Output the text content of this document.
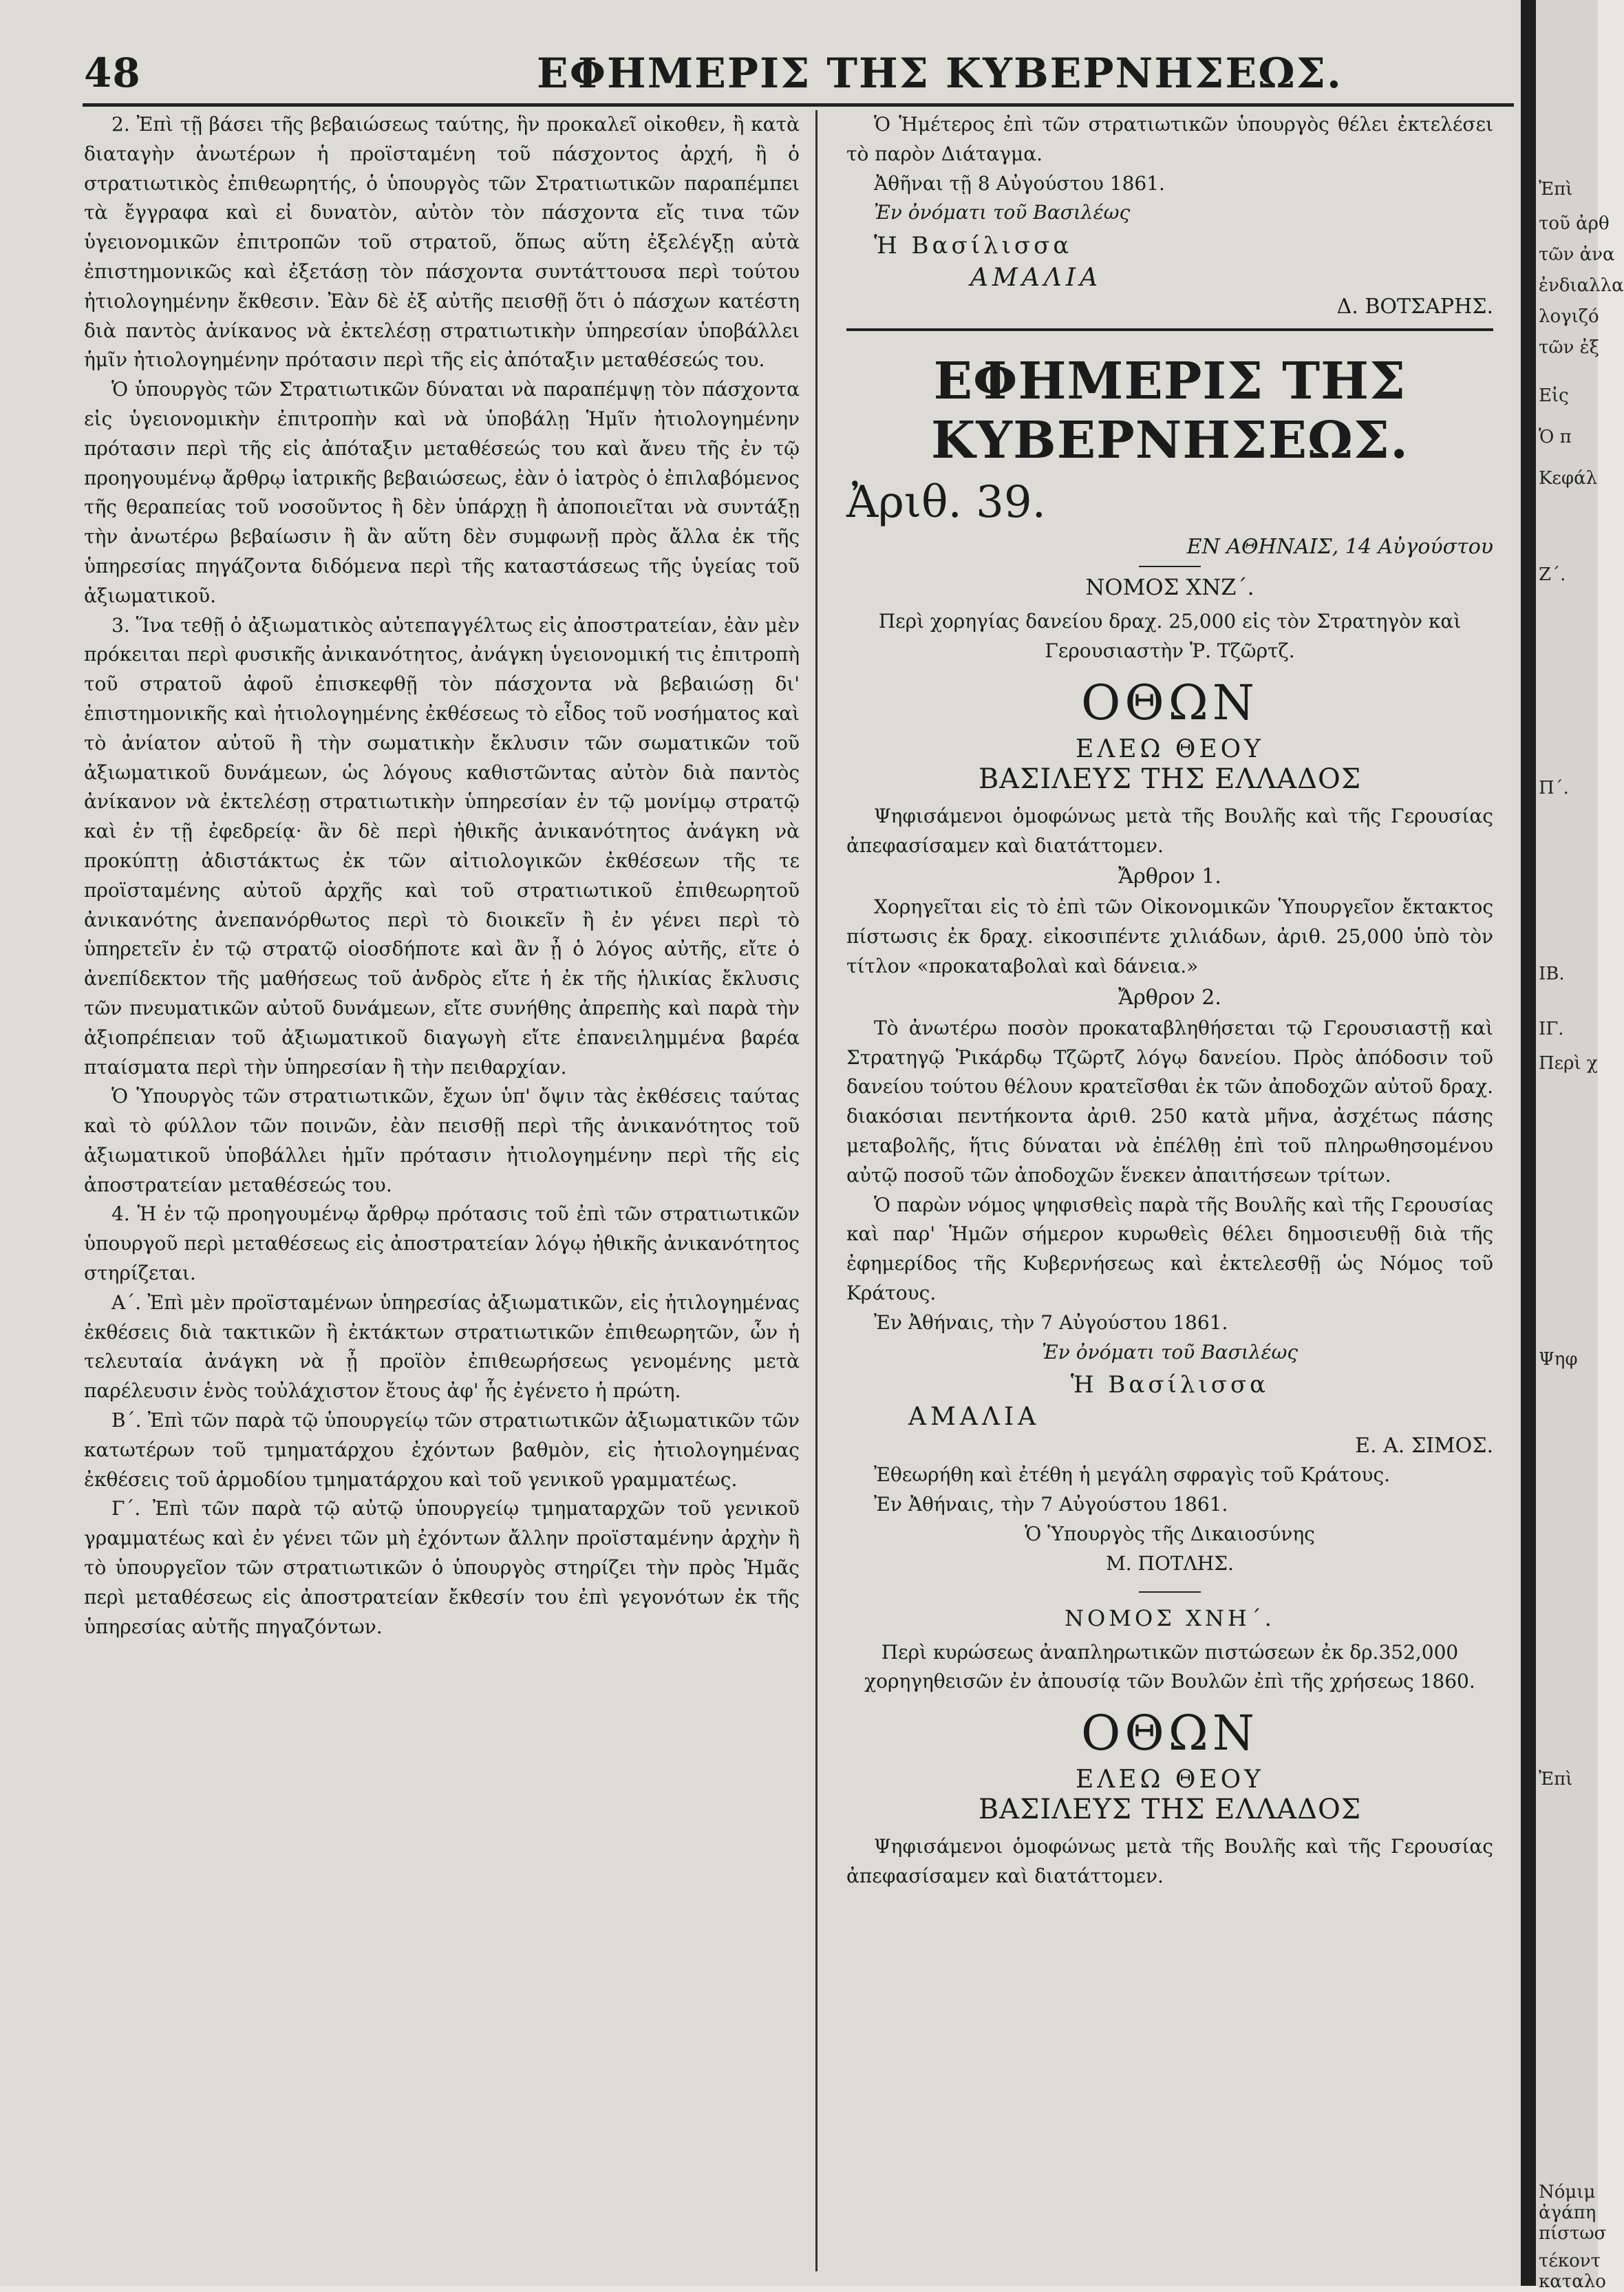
48	ΕΦΗΜΕΡΙΣ ΤΗΣ ΚΥΒΕΡΝΗΣΕΩΣ.

2. Ἐπὶ τῇ βάσει τῆς βεβαιώσεως ταύτης, ἣν προκαλεῖ οἰκοθεν, ἢ κατὰ διαταγὴν ἀνωτέρων ἡ προϊσταμένη τοῦ πάσχοντος ἀρχή, ἢ ὁ στρατιωτικὸς ἐπιθεωρητής, ὁ ὑπουργὸς τῶν Στρατιωτικῶν παραπέμπει τὰ ἔγγραφα καὶ εἰ δυνατὸν, αὐτὸν τὸν πάσχοντα εἴς τινα τῶν ὑγειονομικῶν ἐπιτροπῶν τοῦ στρατοῦ, ὅπως αὕτη ἐξελέγξῃ αὐτὰ ἐπιστημονικῶς καὶ ἐξετάσῃ τὸν πάσχοντα συντάττουσα περὶ τούτου ἠτιολογημένην ἔκθεσιν. Ἐὰν δὲ ἐξ αὐτῆς πεισθῇ ὅτι ὁ πάσχων κατέστη διὰ παντὸς ἀνίκανος νὰ ἐκτελέσῃ στρατιωτικὴν ὑπηρεσίαν ὑποβάλλει ἡμῖν ἠτιολογημένην πρότασιν περὶ τῆς εἰς ἀπόταξιν μεταθέσεώς του.

Ὁ ὑπουργὸς τῶν Στρατιωτικῶν δύναται νὰ παραπέμψῃ τὸν πάσχοντα εἰς ὑγειονομικὴν ἐπιτροπὴν καὶ νὰ ὑποβάλῃ Ἡμῖν ἠτιολογημένην πρότασιν περὶ τῆς εἰς ἀπόταξιν μεταθέσεώς του καὶ ἄνευ τῆς ἐν τῷ προηγουμένῳ ἄρθρῳ ἰατρικῆς βεβαιώσεως, ἐὰν ὁ ἰατρὸς ὁ ἐπιλαβόμενος τῆς θεραπείας τοῦ νοσοῦντος ἢ δὲν ὑπάρχῃ ἢ ἀποποιεῖται νὰ συντάξῃ τὴν ἀνωτέρω βεβαίωσιν ἢ ἂν αὕτη δὲν συμφωνῇ πρὸς ἄλλα ἐκ τῆς ὑπηρεσίας πηγάζοντα διδόμενα περὶ τῆς καταστάσεως τῆς ὑγείας τοῦ ἀξιωματικοῦ.

3. Ἵνα τεθῇ ὁ ἀξιωματικὸς αὐτεπαγγέλτως εἰς ἀποστρατείαν, ἐὰν μὲν πρόκειται περὶ φυσικῆς ἀνικανότητος, ἀνάγκη ὑγειονομική τις ἐπιτροπὴ τοῦ στρατοῦ ἀφοῦ ἐπισκεφθῇ τὸν πάσχοντα νὰ βεβαιώσῃ δι' ἐπιστημονικῆς καὶ ἠτιολογημένης ἐκθέσεως τὸ εἶδος τοῦ νοσήματος καὶ τὸ ἀνίατον αὐτοῦ ἢ τὴν σωματικὴν ἔκλυσιν τῶν σωματικῶν τοῦ ἀξιωματικοῦ δυνάμεων, ὡς λόγους καθιστῶντας αὐτὸν διὰ παντὸς ἀνίκανον νὰ ἐκτελέσῃ στρατιωτικὴν ὑπηρεσίαν ἐν τῷ μονίμῳ στρατῷ καὶ ἐν τῇ ἐφεδρείᾳ· ἂν δὲ περὶ ἠθικῆς ἀνικανότητος ἀνάγκη νὰ προκύπτῃ ἀδιστάκτως ἐκ τῶν αἰτιολογικῶν ἐκθέσεων τῆς τε προϊσταμένης αὐτοῦ ἀρχῆς καὶ τοῦ στρατιωτικοῦ ἐπιθεωρητοῦ ἀνικανότης ἀνεπανόρθωτος περὶ τὸ διοικεῖν ἢ ἐν γένει περὶ τὸ ὑπηρετεῖν ἐν τῷ στρατῷ οἱοσδήποτε καὶ ἂν ᾖ ὁ λόγος αὐτῆς, εἴτε ὁ ἀνεπίδεκτον τῆς μαθήσεως τοῦ ἀνδρὸς εἴτε ἡ ἐκ τῆς ἡλικίας ἔκλυσις τῶν πνευματικῶν αὐτοῦ δυνάμεων, εἴτε συνήθης ἀπρεπὴς καὶ παρὰ τὴν ἀξιοπρέπειαν τοῦ ἀξιωματικοῦ διαγωγὴ εἴτε ἐπανειλημμένα βαρέα πταίσματα περὶ τὴν ὑπηρεσίαν ἢ τὴν πειθαρχίαν.

Ὁ Ὑπουργὸς τῶν στρατιωτικῶν, ἔχων ὑπ' ὄψιν τὰς ἐκθέσεις ταύτας καὶ τὸ φύλλον τῶν ποινῶν, ἐὰν πεισθῇ περὶ τῆς ἀνικανότητος τοῦ ἀξιωματικοῦ ὑποβάλλει ἡμῖν πρότασιν ἠτιολογημένην περὶ τῆς εἰς ἀποστρατείαν μεταθέσεώς του.

4. Ἡ ἐν τῷ προηγουμένῳ ἄρθρῳ πρότασις τοῦ ἐπὶ τῶν στρατιωτικῶν ὑπουργοῦ περὶ μεταθέσεως εἰς ἀποστρατείαν λόγῳ ἠθικῆς ἀνικανότητος στηρίζεται.

Α΄. Ἐπὶ μὲν προϊσταμένων ὑπηρεσίας ἀξιωματικῶν, εἰς ἠτιλογημένας ἐκθέσεις διὰ τακτικῶν ἢ ἐκτάκτων στρατιωτικῶν ἐπιθεωρητῶν, ὧν ἡ τελευταία ἀνάγκη νὰ ᾖ προϊὸν ἐπιθεωρήσεως γενομένης μετὰ παρέλευσιν ἑνὸς τοὐλάχιστον ἔτους ἀφ' ἧς ἐγένετο ἡ πρώτη.

Β΄. Ἐπὶ τῶν παρὰ τῷ ὑπουργείῳ τῶν στρατιωτικῶν ἀξιωματικῶν τῶν κατωτέρων τοῦ τμηματάρχου ἐχόντων βαθμὸν, εἰς ἠτιολογημένας ἐκθέσεις τοῦ ἁρμοδίου τμηματάρχου καὶ τοῦ γενικοῦ γραμματέως.

Γ΄. Ἐπὶ τῶν παρὰ τῷ αὐτῷ ὑπουργείῳ τμηματαρχῶν τοῦ γενικοῦ γραμματέως καὶ ἐν γένει τῶν μὴ ἐχόντων ἄλλην προϊσταμένην ἀρχὴν ἢ τὸ ὑπουργεῖον τῶν στρατιωτικῶν ὁ ὑπουργὸς στηρίζει τὴν πρὸς Ἡμᾶς περὶ μεταθέσεως εἰς ἀποστρατείαν ἔκθεσίν του ἐπὶ γεγονότων ἐκ τῆς ὑπηρεσίας αὐτῆς πηγαζόντων.

Ὁ Ἡμέτερος ἐπὶ τῶν στρατιωτικῶν ὑπουργὸς θέλει ἐκτελέσει τὸ παρὸν Διάταγμα.

Ἀθῆναι τῇ 8 Αὐγούστου 1861.

Ἐν ὀνόματι τοῦ Βασιλέως

Ἡ Βασίλισσα
ΑΜΑΛΙΑ
Δ. ΒΟΤΣΑΡΗΣ.
ΕΦΗΜΕΡΙΣ ΤΗΣ ΚΥΒΕΡΝΗΣΕΩΣ.
Ἀριθ. 39.
ΕΝ ΑΘΗΝΑΙΣ, 14 Αὐγούστου
ΝΟΜΟΣ ΧΝΖ΄.

Περὶ χορηγίας δανείου δραχ. 25,000 εἰς τὸν Στρατηγὸν καὶ Γερουσιαστὴν Ῥ. Τζῶρτζ.

ΟΘΩΝ
ΕΛΕΩ ΘΕΟΥ
ΒΑΣΙΛΕΥΣ ΤΗΣ ΕΛΛΑΔΟΣ

Ψηφισάμενοι ὁμοφώνως μετὰ τῆς Βουλῆς καὶ τῆς Γερουσίας ἀπεφασίσαμεν καὶ διατάττομεν.

Ἄρθρον 1.

Χορηγεῖται εἰς τὸ ἐπὶ τῶν Οἰκονομικῶν Ὑπουργεῖον ἔκτακτος πίστωσις ἐκ δραχ. εἰκοσιπέντε χιλιάδων, ἀριθ. 25,000 ὑπὸ τὸν τίτλον «προκαταβολαὶ καὶ δάνεια.»

Ἄρθρον 2.

Τὸ ἀνωτέρω ποσὸν προκαταβληθήσεται τῷ Γερουσιαστῇ καὶ Στρατηγῷ Ῥικάρδῳ Τζῶρτζ λόγῳ δανείου. Πρὸς ἀπόδοσιν τοῦ δανείου τούτου θέλουν κρατεῖσθαι ἐκ τῶν ἀποδοχῶν αὐτοῦ δραχ. διακόσιαι πεντήκοντα ἀριθ. 250 κατὰ μῆνα, ἀσχέτως πάσης μεταβολῆς, ἥτις δύναται νὰ ἐπέλθῃ ἐπὶ τοῦ πληρωθησομένου αὐτῷ ποσοῦ τῶν ἀποδοχῶν ἕνεκεν ἀπαιτήσεων τρίτων.

Ὁ παρὼν νόμος ψηφισθεὶς παρὰ τῆς Βουλῆς καὶ τῆς Γερουσίας καὶ παρ' Ἡμῶν σήμερον κυρωθεὶς θέλει δημοσιευθῇ διὰ τῆς ἐφημερίδος τῆς Κυβερνήσεως καὶ ἐκτελεσθῇ ὡς Νόμος τοῦ Κράτους.

Ἐν Ἀθήναις, τὴν 7 Αὐγούστου 1861.

Ἐν ὀνόματι τοῦ Βασιλέως

Ἡ Βασίλισσα
ΑΜΑΛΙΑ
Ε. Α. ΣΙΜΟΣ.

Ἐθεωρήθη καὶ ἐτέθη ἡ μεγάλη σφραγὶς τοῦ Κράτους.

Ἐν Ἀθήναις, τὴν 7 Αὐγούστου 1861.

Ὁ Ὑπουργὸς τῆς Δικαιοσύνης

Μ. ΠΟΤΛΗΣ.

ΝΟΜΟΣ ΧΝΗ΄.

Περὶ κυρώσεως ἀναπληρωτικῶν πιστώσεων ἐκ δρ.352,000 χορηγηθεισῶν ἐν ἀπουσίᾳ τῶν Βουλῶν ἐπὶ τῆς χρήσεως 1860.

ΟΘΩΝ
ΕΛΕΩ ΘΕΟΥ
ΒΑΣΙΛΕΥΣ ΤΗΣ ΕΛΛΑΔΟΣ

Ψηφισάμενοι ὁμοφώνως μετὰ τῆς Βουλῆς καὶ τῆς Γερουσίας ἀπεφασίσαμεν καὶ διατάττομεν.

Ἐπὶ
τοῦ ἀρθ
τῶν ἀνα
ἐνδιαλλα
λογιζό
τῶν ἐξ
Εἰς
Ὁ π
Κεφάλ
Ζ΄.
Π΄.
ΙΒ.
ΙΓ.
Περὶ χ
Ψηφ
Ἐπὶ
πίστωσ
τέκοντ
καταλο
ἀγάπη
Νόμιμ
